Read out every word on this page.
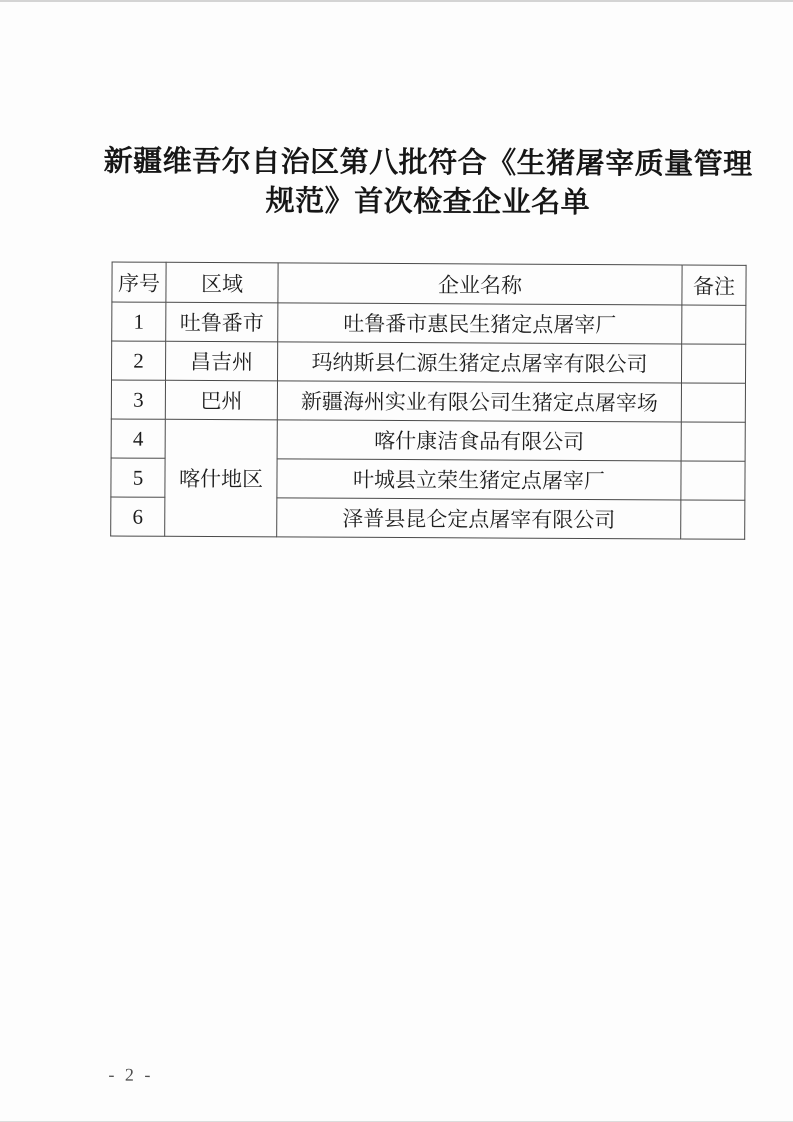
新疆维吾尔自治区第八批符合《生猪屠宰质量管理
规范》首次检查企业名单
序号	区域	企业名称	备注
1	吐鲁番市	吐鲁番市惠民生猪定点屠宰厂	
2	昌吉州	玛纳斯县仁源生猪定点屠宰有限公司	
3	巴州	新疆海州实业有限公司生猪定点屠宰场	
4	喀什地区	喀什康洁食品有限公司	
5		叶城县立荣生猪定点屠宰厂	
6		泽普县昆仑定点屠宰有限公司	
- 2 -
